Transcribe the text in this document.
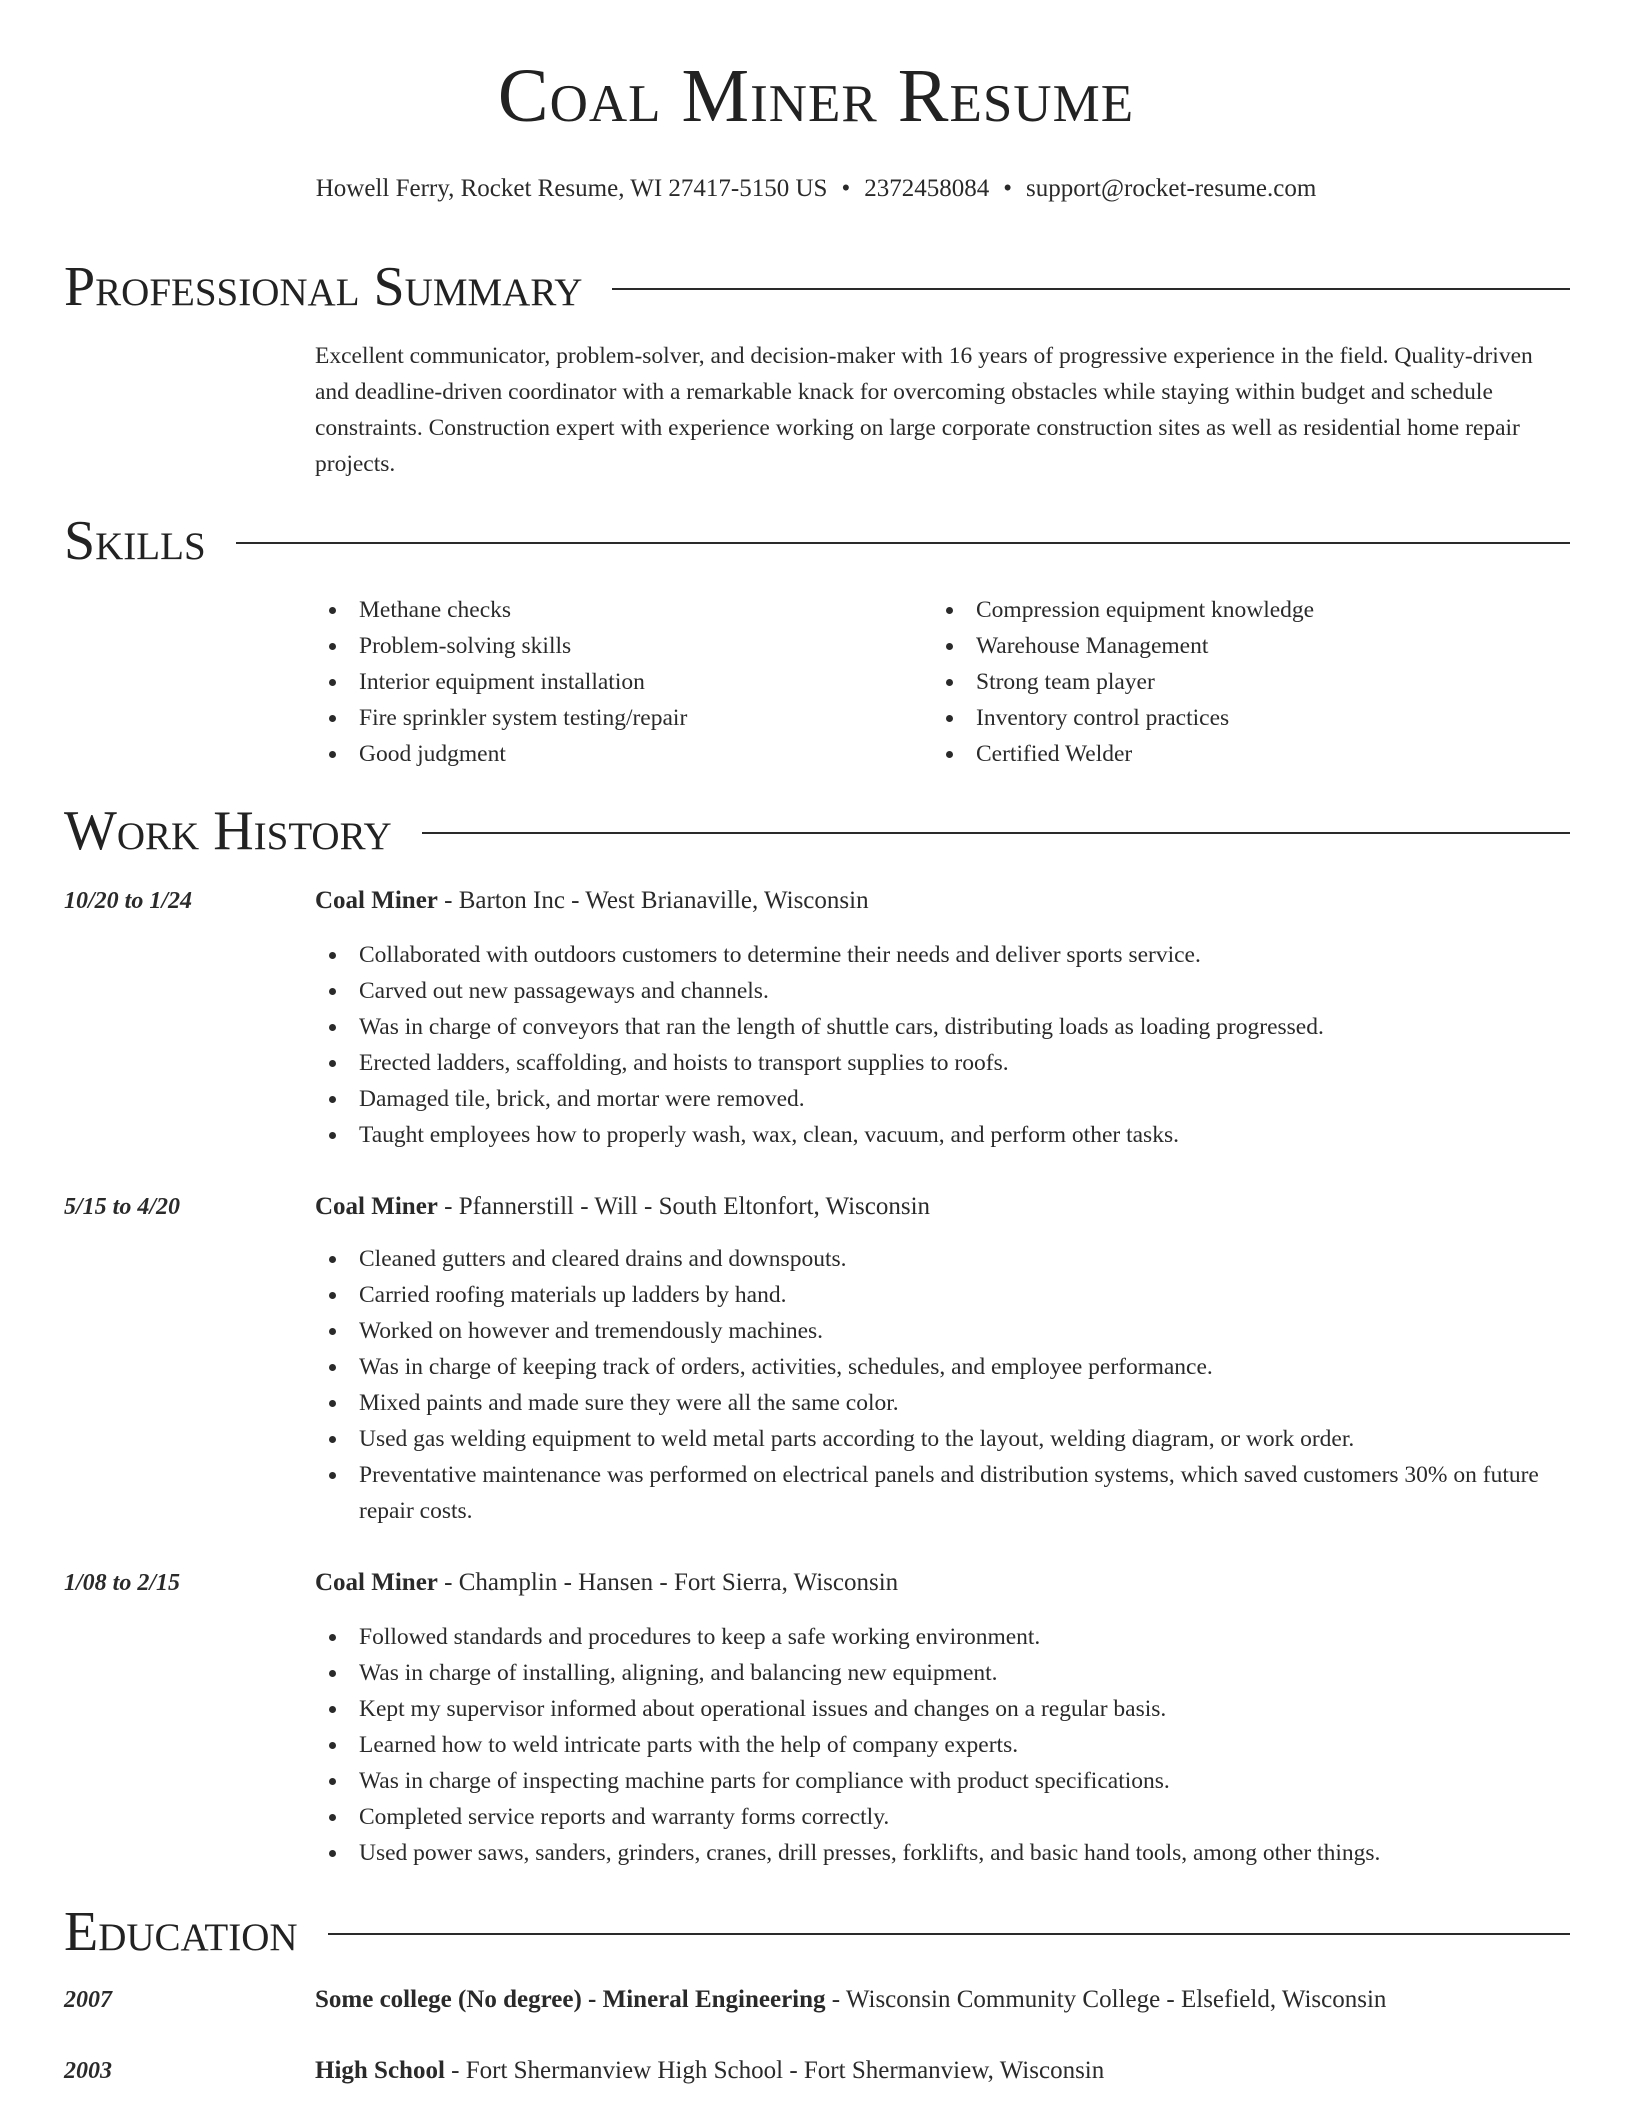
Coal Miner Resume
Howell Ferry, Rocket Resume, WI 27417-5150 US • 2372458084 • support@rocket-resume.com
Professional Summary
Excellent communicator, problem-solver, and decision-maker with 16 years of progressive experience in the field. Quality-driven and deadline-driven coordinator with a remarkable knack for overcoming obstacles while staying within budget and schedule constraints. Construction expert with experience working on large corporate construction sites as well as residential home repair projects.
Skills
Methane checks
Problem-solving skills
Interior equipment installation
Fire sprinkler system testing/repair
Good judgment
Compression equipment knowledge
Warehouse Management
Strong team player
Inventory control practices
Certified Welder
Work History
10/20 to 1/24	Coal Miner - Barton Inc - West Brianaville, Wisconsin
Collaborated with outdoors customers to determine their needs and deliver sports service.
Carved out new passageways and channels.
Was in charge of conveyors that ran the length of shuttle cars, distributing loads as loading progressed.
Erected ladders, scaffolding, and hoists to transport supplies to roofs.
Damaged tile, brick, and mortar were removed.
Taught employees how to properly wash, wax, clean, vacuum, and perform other tasks.
5/15 to 4/20	Coal Miner - Pfannerstill - Will - South Eltonfort, Wisconsin
Cleaned gutters and cleared drains and downspouts.
Carried roofing materials up ladders by hand.
Worked on however and tremendously machines.
Was in charge of keeping track of orders, activities, schedules, and employee performance.
Mixed paints and made sure they were all the same color.
Used gas welding equipment to weld metal parts according to the layout, welding diagram, or work order.
Preventative maintenance was performed on electrical panels and distribution systems, which saved customers 30% on future repair costs.
1/08 to 2/15	Coal Miner - Champlin - Hansen - Fort Sierra, Wisconsin
Followed standards and procedures to keep a safe working environment.
Was in charge of installing, aligning, and balancing new equipment.
Kept my supervisor informed about operational issues and changes on a regular basis.
Learned how to weld intricate parts with the help of company experts.
Was in charge of inspecting machine parts for compliance with product specifications.
Completed service reports and warranty forms correctly.
Used power saws, sanders, grinders, cranes, drill presses, forklifts, and basic hand tools, among other things.
Education
2007	Some college (No degree) - Mineral Engineering - Wisconsin Community College - Elsefield, Wisconsin
2003	High School - Fort Shermanview High School - Fort Shermanview, Wisconsin
